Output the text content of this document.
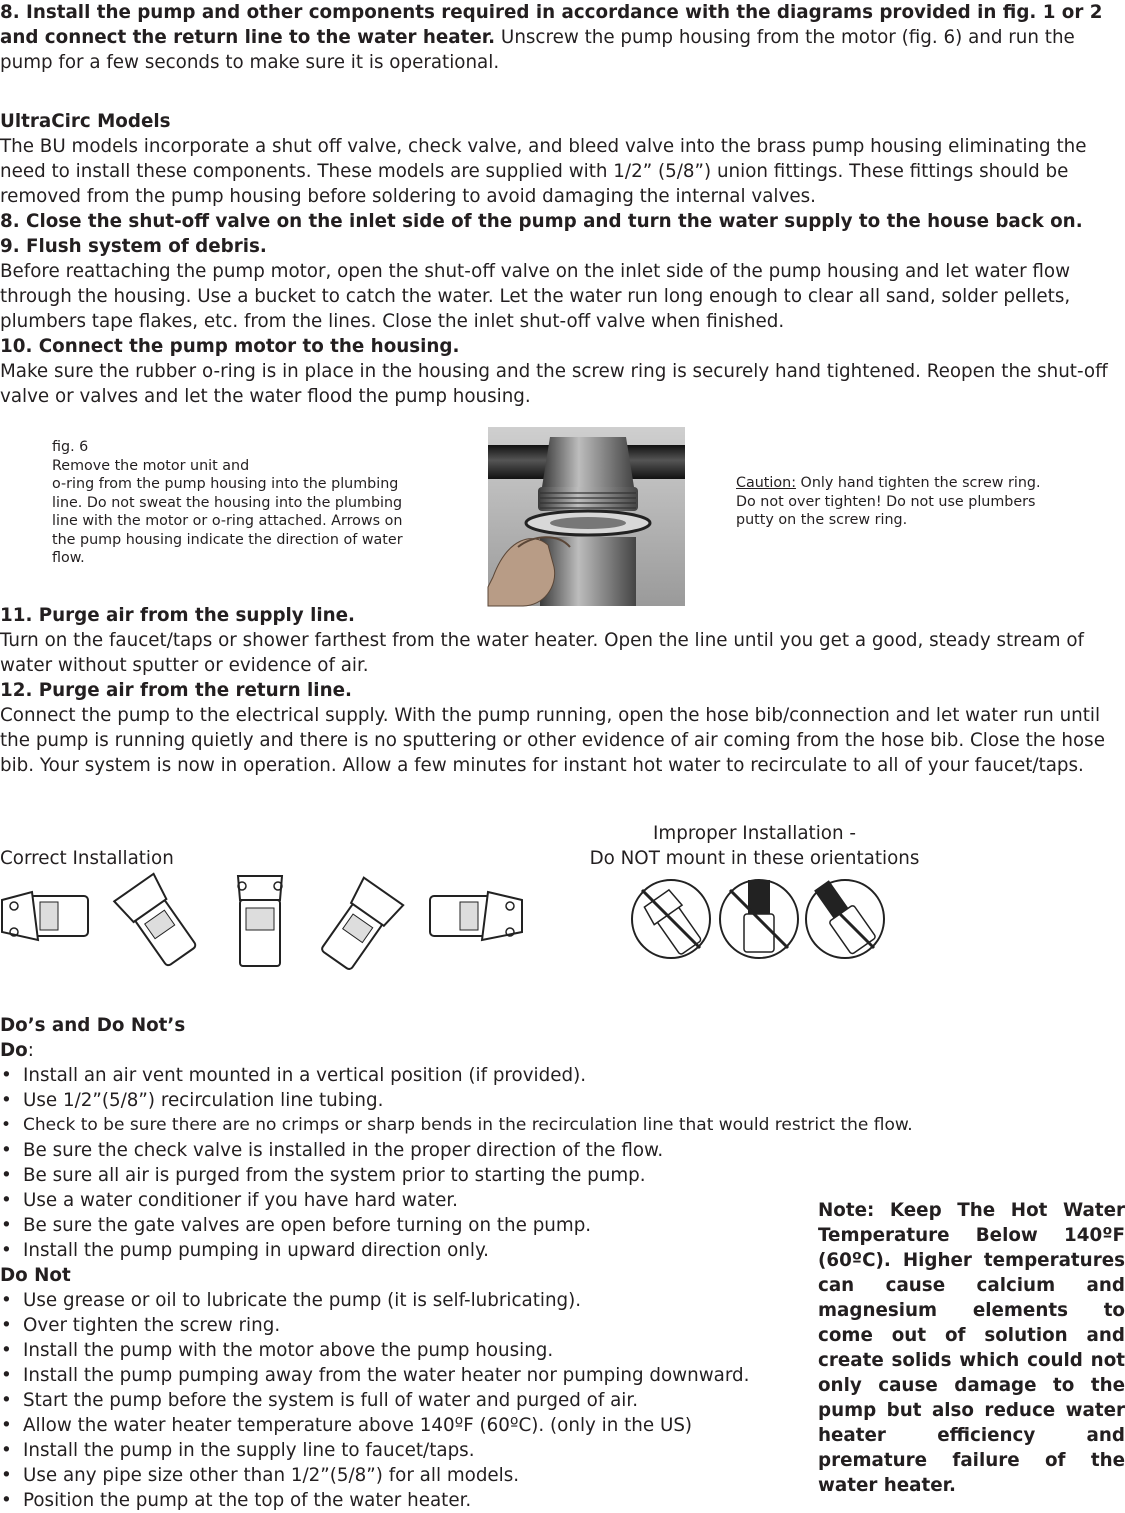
8. Install the pump and other components required in accordance with the diagrams provided in fig. 1 or 2 and connect the return line to the water heater. Unscrew the pump housing from the motor (fig. 6) and run the pump for a few seconds to make sure it is operational.

UltraCirc Models

The BU models incorporate a shut off valve, check valve, and bleed valve into the brass pump housing eliminating the need to install these components. These models are supplied with 1/2” (5/8”) union fittings. These fittings should be removed from the pump housing before soldering to avoid damaging the internal valves.

8. Close the shut-off valve on the inlet side of the pump and turn the water supply to the house back on.
9. Flush system of debris.

Before reattaching the pump motor, open the shut-off valve on the inlet side of the pump housing and let water flow through the housing. Use a bucket to catch the water. Let the water run long enough to clear all sand, solder pellets, plumbers tape flakes, etc. from the lines. Close the inlet shut-off valve when finished.

10. Connect the pump motor to the housing.

Make sure the rubber o-ring is in place in the housing and the screw ring is securely hand tightened. Reopen the shut-off valve or valves and let the water flood the pump housing.

fig. 6
Remove the motor unit and
o-ring from the pump housing into the plumbing
line. Do not sweat the housing into the plumbing
line with the motor or o-ring attached. Arrows on
the pump housing indicate the direction of water
flow.
Caution: Only hand tighten the screw ring.
Do not over tighten! Do not use plumbers
putty on the screw ring.
11. Purge air from the supply line.

Turn on the faucet/taps or shower farthest from the water heater. Open the line until you get a good, steady stream of water without sputter or evidence of air.

12. Purge air from the return line.

Connect the pump to the electrical supply. With the pump running, open the hose bib/connection and let water run until the pump is running quietly and there is no sputtering or other evidence of air coming from the hose bib. Close the hose bib. Your system is now in operation. Allow a few minutes for instant hot water to recirculate to all of your faucet/taps.

Correct Installation
Improper Installation -
Do NOT mount in these orientations
Do’s and Do Not’s
Do:
• Install an air vent mounted in a vertical position (if provided).
• Use 1/2”(5/8”) recirculation line tubing.
• Check to be sure there are no crimps or sharp bends in the recirculation line that would restrict the flow.
• Be sure the check valve is installed in the proper direction of the flow.
• Be sure all air is purged from the system prior to starting the pump.
• Use a water conditioner if you have hard water.
• Be sure the gate valves are open before turning on the pump.
• Install the pump pumping in upward direction only.
Do Not
• Use grease or oil to lubricate the pump (it is self-lubricating).
• Over tighten the screw ring.
• Install the pump with the motor above the pump housing.
• Install the pump pumping away from the water heater nor pumping downward.
• Start the pump before the system is full of water and purged of air.
• Allow the water heater temperature above 140ºF (60ºC). (only in the US)
• Install the pump in the supply line to faucet/taps.
• Use any pipe size other than 1/2”(5/8”) for all models.
• Position the pump at the top of the water heater.

Note: Keep The Hot Water Temperature Below 140ºF (60ºC). Higher temperatures can cause calcium and magnesium elements to come out of solution and create solids which could not only cause damage to the pump but also reduce water heater efficiency and premature failure of the water heater.
